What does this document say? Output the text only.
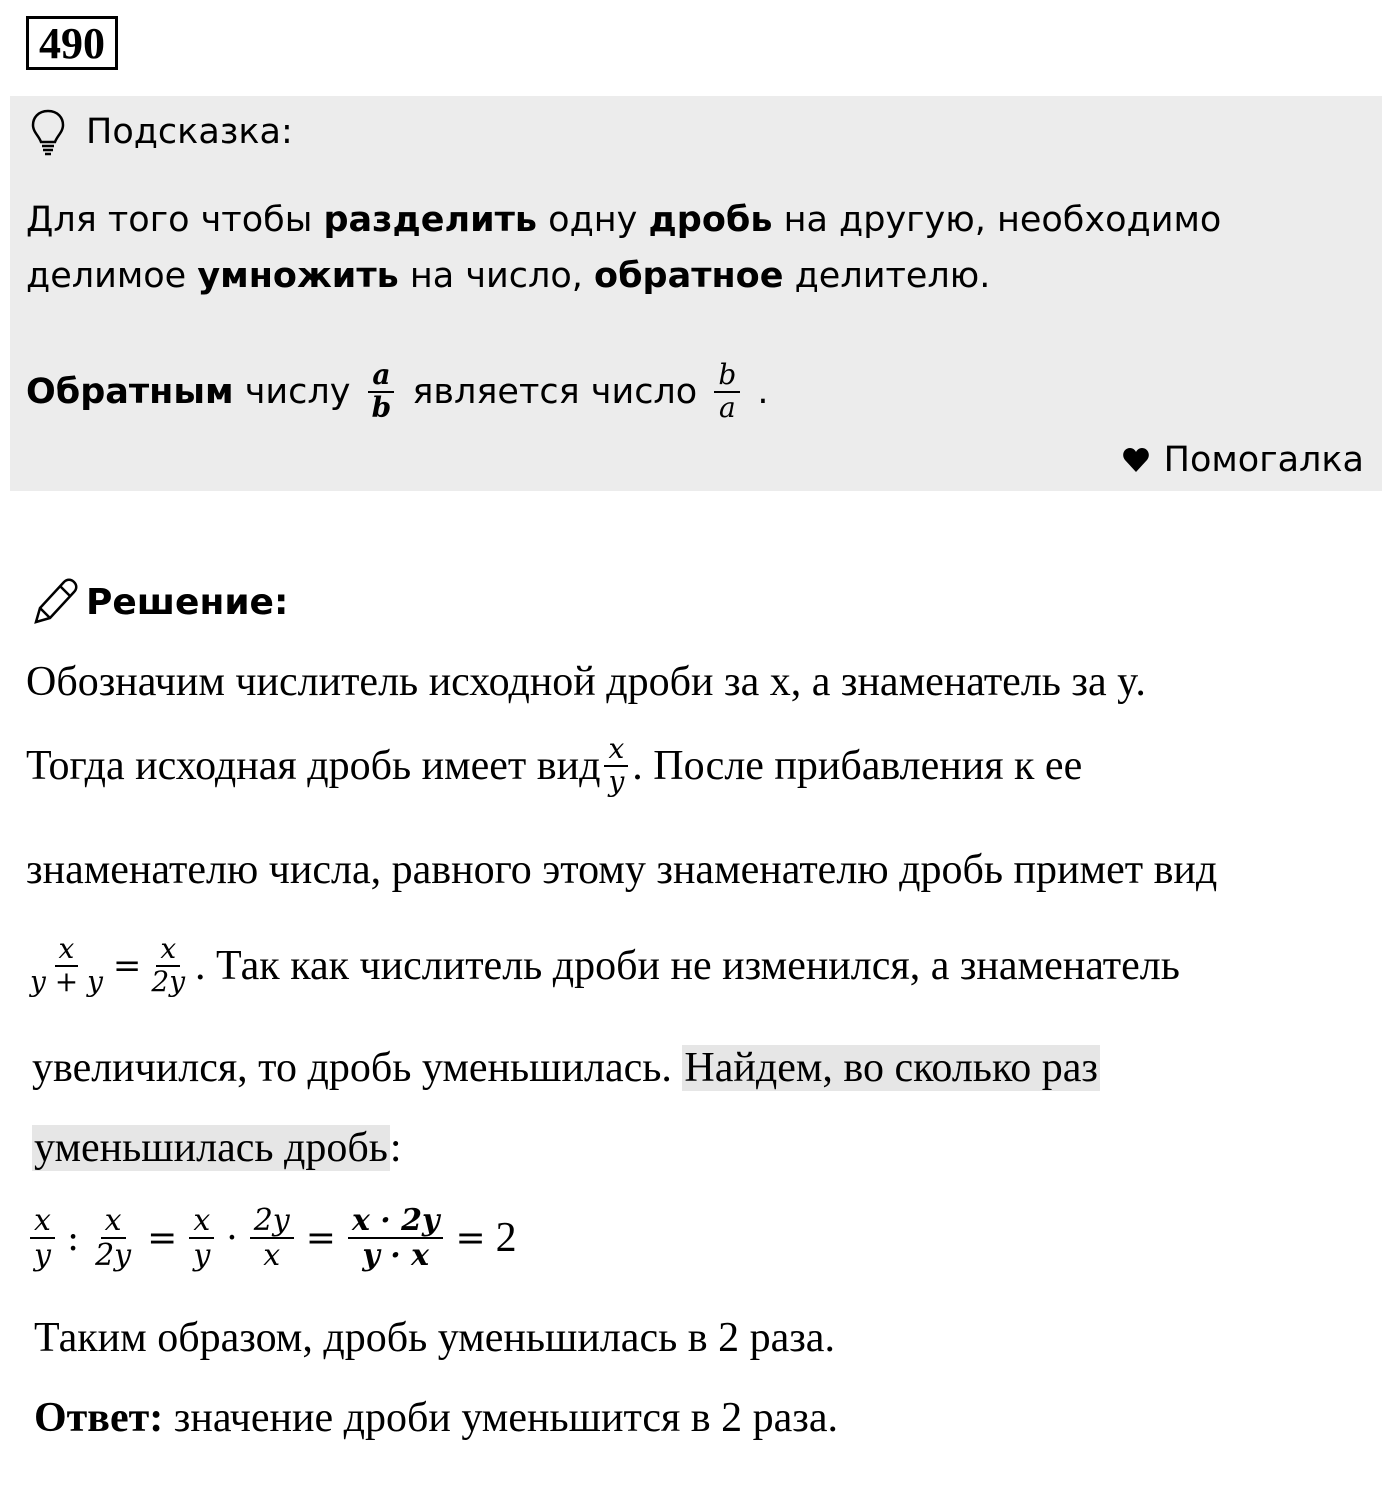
490
Подсказка:
Для того чтобы разделить одну дробь на другую, необходимо делимое умножить на число, обратное делителю.
Обратным числу $\frac{a}{b}$ является число $\frac{b}{a}$ .
Помогалка
Решение:
Обозначим числитель исходной дроби за x, а знаменатель за y.
Тогда исходная дробь имеет вид $\frac{x}{y}$ . После прибавления к ее
знаменателю числа, равного этому знаменателю дробь примет вид
$\frac{x}{y + y} = \frac{x}{2y}$ . Так как числитель дроби не изменился, а знаменатель
увеличился, то дробь уменьшилась. Найдем, во сколько раз
уменьшилась дробь:
$\frac{x}{y}$ : $\frac{x}{2y} = \frac{x}{y} \cdot \frac{2y}{x} = \frac{x \cdot 2y}{y \cdot x} = 2$
Таким образом, дробь уменьшилась в 2 раза.
Ответ: значение дроби уменьшится в 2 раза.
